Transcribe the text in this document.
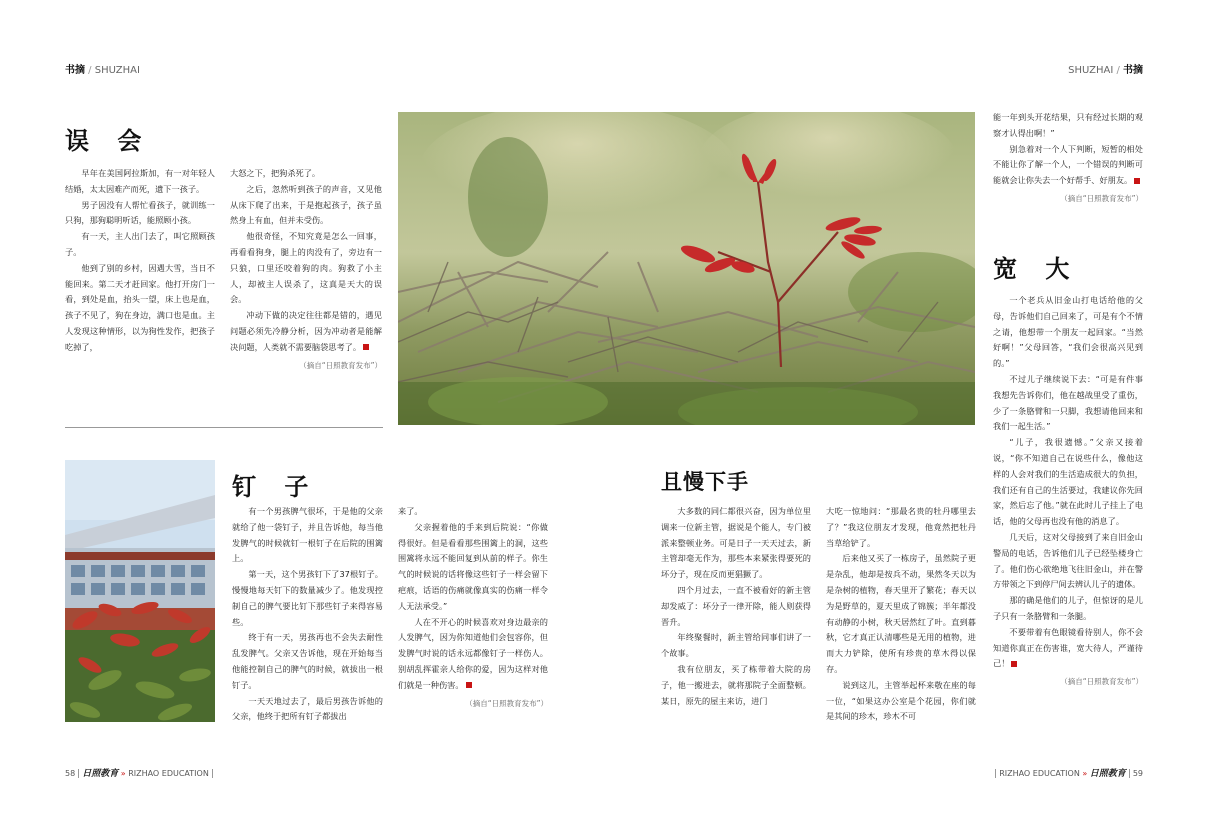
书摘 / SHUZHAI	SHUZHAI / 书摘
误 会

早年在美国阿拉斯加，有一对年轻人结婚，太太因难产而死，遗下一孩子。

男子因没有人帮忙看孩子，就训练一只狗，那狗聪明听话，能照顾小孩。

有一天，主人出门去了，叫它照顾孩子。

他到了别的乡村，因遇大雪，当日不能回来。第二天才赶回家。他打开房门一看，到处是血，抬头一望，床上也是血，孩子不见了，狗在身边，满口也是血。主人发现这种情形，以为狗性发作，把孩子吃掉了，

大怒之下，把狗杀死了。

之后，忽然听到孩子的声音，又见他从床下爬了出来，于是抱起孩子，孩子虽然身上有血，但并未受伤。

他很奇怪，不知究竟是怎么一回事，再看看狗身，腿上的肉没有了，旁边有一只狼，口里还咬着狗的肉。狗救了小主人，却被主人误杀了，这真是天大的误会。

冲动下做的决定往往都是错的，遇见问题必须先冷静分析，因为冲动者是能解决问题，人类就不需要脑袋思考了。

（摘自“日照教育发布”）
钉 子

有一个男孩脾气很坏，于是他的父亲就给了他一袋钉子，并且告诉他，每当他发脾气的时候就钉一根钉子在后院的围篱上。

第一天，这个男孩钉下了37根钉子。慢慢地每天钉下的数量减少了。他发现控制自己的脾气要比钉下那些钉子来得容易些。

终于有一天，男孩再也不会失去耐性乱发脾气。父亲又告诉他，现在开始每当他能控制自己的脾气的时候，就拔出一根钉子。

一天天地过去了，最后男孩告诉他的父亲，他终于把所有钉子都拔出

来了。

父亲握着他的手来到后院说：“你做得很好。但是看看那些围篱上的洞，这些围篱将永远不能回复到从前的样子。你生气的时候说的话将像这些钉子一样会留下疤痕，话语的伤痛就像真实的伤痛一样令人无法承受。”

人在不开心的时候喜欢对身边最亲的人发脾气，因为你知道他们会包容你，但发脾气时说的话永远都像钉子一样伤人。别胡乱挥霍亲人给你的爱，因为这样对他们就是一种伤害。

（摘自“日照教育发布”）
且慢下手

大多数的同仁都很兴奋，因为单位里调来一位新主管，据说是个能人，专门被派来整顿业务。可是日子一天天过去，新主管却毫无作为，那些本来紧张得要死的坏分子，现在反而更猖獗了。

四个月过去，一直不被看好的新主管却发威了：坏分子一律开除，能人则获得晋升。

年终聚餐时，新主管给同事们讲了一个故事。

我有位朋友，买了栋带着大院的房子，他一搬进去，就将那院子全面整顿。某日，原先的屋主来访，进门

大吃一惊地问：“那最名贵的牡丹哪里去了？”我这位朋友才发现，他竟然把牡丹当草给铲了。

后来他又买了一栋房子，虽然院子更是杂乱，他却是按兵不动，果然冬天以为是杂树的植物，春天里开了繁花；春天以为是野草的，夏天里成了锦簇；半年都没有动静的小树，秋天居然红了叶。直到暮秋，它才真正认清哪些是无用的植物，进而大力铲除，使所有珍贵的草木得以保存。

说到这儿，主管举起杯来敬在座的每一位，“如果这办公室是个花园，你们就是其间的珍木，珍木不可

能一年到头开花结果，只有经过长期的观察才认得出啊！”

别急着对一个人下判断，短暂的相处不能让你了解一个人，一个错误的判断可能就会让你失去一个好帮手、好朋友。

（摘自“日照教育发布”）
宽 大

一个老兵从旧金山打电话给他的父母，告诉他们自己回来了，可是有个不情之请，他想带一个朋友一起回家。“当然好啊！”父母回答，“我们会很高兴见到的。”

不过儿子继续说下去：“可是有件事我想先告诉你们，他在越战里受了重伤，少了一条胳臂和一只脚，我想请他回来和我们一起生活。”

“儿子，我很遗憾。”父亲又接着说，“你不知道自己在说些什么，像他这样的人会对我们的生活造成很大的负担，我们还有自己的生活要过，我建议你先回家，然后忘了他。”就在此时儿子挂上了电话，他的父母再也没有他的消息了。

几天后，这对父母接到了来自旧金山警局的电话，告诉他们儿子已经坠楼身亡了。他们伤心欲绝地飞往旧金山，并在警方带领之下到停尸间去辨认儿子的遗体。

那的确是他们的儿子，但惊讶的是儿子只有一条胳臂和一条腿。

不要带着有色眼镜看待别人，你不会知道你真正在伤害谁，宽大待人，严谨待己！

（摘自“日照教育发布”）
58 日照教育 » RIZHAO EDUCATION	RIZHAO EDUCATION » 日照教育 59
